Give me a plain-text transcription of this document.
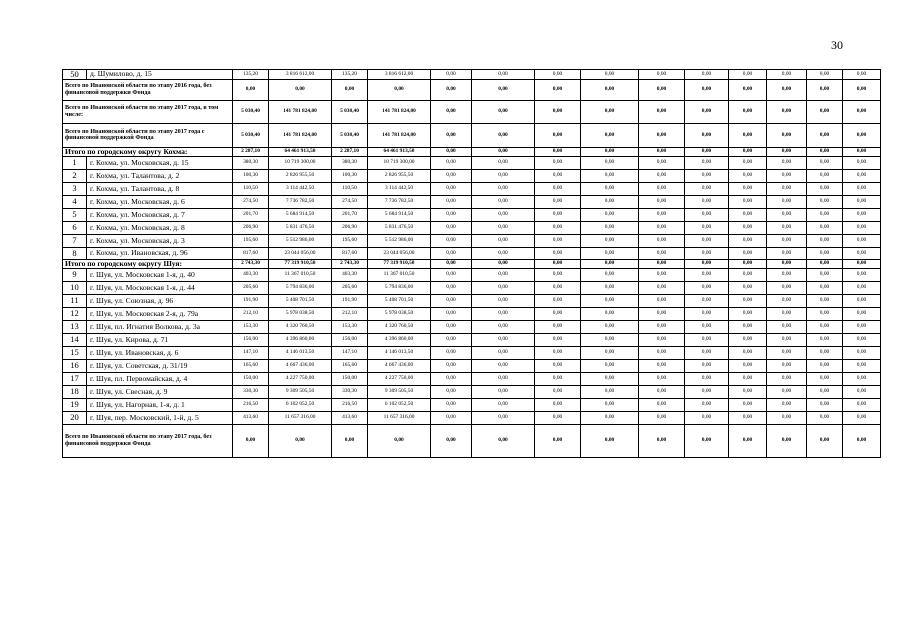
30
50	д. Шумилово, д. 15	135,20	3 816 612,00	135,20	3 816 612,00	0,00	0,00	0,00	0,00	0,00	0,00	0,00	0,00	0,00	0,00
Всего по Ивановской области по этапу 2016 года, без финансовой поддержки Фонда		0,00	0,00	0,00	0,00	0,00	0,00	0,00	0,00	0,00	0,00	0,00	0,00	0,00	0,00
Всего по Ивановской области по этапу 2017 года, в том числе:		5 030,40	141 781 824,00	5 030,40	141 781 824,00	0,00	0,00	0,00	0,00	0,00	0,00	0,00	0,00	0,00	0,00
Всего по Ивановской области по этапу 2017 года с финансовой поддержкой Фонда		5 030,40	141 781 824,00	5 030,40	141 781 824,00	0,00	0,00	0,00	0,00	0,00	0,00	0,00	0,00	0,00	0,00
Итого по городскому округу Кохма:		2 287,10	64 461 913,50	2 287,10	64 461 913,50	0,00	0,00	0,00	0,00	0,00	0,00	0,00	0,00	0,00	0,00
1	г. Кохма, ул. Московская, д. 15	380,30	10 719 300,00	380,30	10 719 300,00	0,00	0,00	0,00	0,00	0,00	0,00	0,00	0,00	0,00	0,00
2	г. Кохма, ул. Талантова, д. 2	100,30	2 826 955,50	100,30	2 826 955,50	0,00	0,00	0,00	0,00	0,00	0,00	0,00	0,00	0,00	0,00
3	г. Кохма, ул. Талантова, д. 8	110,50	3 114 442,50	110,50	3 114 442,50	0,00	0,00	0,00	0,00	0,00	0,00	0,00	0,00	0,00	0,00
4	г. Кохма, ул. Московская, д. 6	274,50	7 736 782,50	274,50	7 736 782,50	0,00	0,00	0,00	0,00	0,00	0,00	0,00	0,00	0,00	0,00
5	г. Кохма, ул. Московская, д. 7	201,70	5 684 914,50	201,70	5 684 914,50	0,00	0,00	0,00	0,00	0,00	0,00	0,00	0,00	0,00	0,00
6	г. Кохма, ул. Московская, д. 8	206,90	5 831 476,50	206,90	5 831 476,50	0,00	0,00	0,00	0,00	0,00	0,00	0,00	0,00	0,00	0,00
7	г. Кохма, ул. Московская, д. 3	195,60	5 512 986,00	195,60	5 512 986,00	0,00	0,00	0,00	0,00	0,00	0,00	0,00	0,00	0,00	0,00
8	г. Кохма, ул. Ивановская, д. 96	817,60	23 044 056,00	817,60	23 044 056,00	0,00	0,00	0,00	0,00	0,00	0,00	0,00	0,00	0,00	0,00
Итого по городскому округу Шуя:		2 743,30	77 319 910,50	2 743,30	77 319 910,50	0,00	0,00	0,00	0,00	0,00	0,00	0,00	0,00	0,00	0,00
9	г. Шуя, ул. Московская 1-я, д. 40	403,30	11 367 010,50	403,30	11 367 010,50	0,00	0,00	0,00	0,00	0,00	0,00	0,00	0,00	0,00	0,00
10	г. Шуя, ул. Московская 1-я, д. 44	205,60	5 794 836,00	205,60	5 794 836,00	0,00	0,00	0,00	0,00	0,00	0,00	0,00	0,00	0,00	0,00
11	г. Шуя, ул. Союзная, д. 96	191,90	5 408 701,50	191,90	5 408 701,50	0,00	0,00	0,00	0,00	0,00	0,00	0,00	0,00	0,00	0,00
12	г. Шуя, ул. Московская 2-я, д. 79а	212,10	5 978 038,50	212,10	5 978 038,50	0,00	0,00	0,00	0,00	0,00	0,00	0,00	0,00	0,00	0,00
13	г. Шуя, пл. Игнатия Волкова, д. 3а	153,30	4 320 760,50	153,30	4 320 760,50	0,00	0,00	0,00	0,00	0,00	0,00	0,00	0,00	0,00	0,00
14	г. Шуя, ул. Кирова, д. 71	156,00	4 396 860,00	156,00	4 396 860,00	0,00	0,00	0,00	0,00	0,00	0,00	0,00	0,00	0,00	0,00
15	г. Шуя, ул. Ивановская, д. 6	147,10	4 146 013,50	147,10	4 146 013,50	0,00	0,00	0,00	0,00	0,00	0,00	0,00	0,00	0,00	0,00
16	г. Шуя, ул. Советская, д. 31/19	165,60	4 667 436,00	165,60	4 667 436,00	0,00	0,00	0,00	0,00	0,00	0,00	0,00	0,00	0,00	0,00
17	г. Шуя, пл. Первомайская, д. 4	150,00	4 227 750,00	150,00	4 227 750,00	0,00	0,00	0,00	0,00	0,00	0,00	0,00	0,00	0,00	0,00
18	г. Шуя, ул. Свесная, д. 9	330,30	9 309 505,50	330,30	9 309 505,50	0,00	0,00	0,00	0,00	0,00	0,00	0,00	0,00	0,00	0,00
19	г. Шуя, ул. Нагорная, 1-я, д. 1	216,50	6 102 052,50	216,50	6 102 052,50	0,00	0,00	0,00	0,00	0,00	0,00	0,00	0,00	0,00	0,00
20	г. Шуя, пер. Московский, 1-й, д. 5	413,60	11 657 316,00	413,60	11 657 316,00	0,00	0,00	0,00	0,00	0,00	0,00	0,00	0,00	0,00	0,00
Всего по Ивановской области по этапу 2017 года, без финансовой поддержки Фонда		0,00	0,00	0,00	0,00	0,00	0,00	0,00	0,00	0,00	0,00	0,00	0,00	0,00	0,00
